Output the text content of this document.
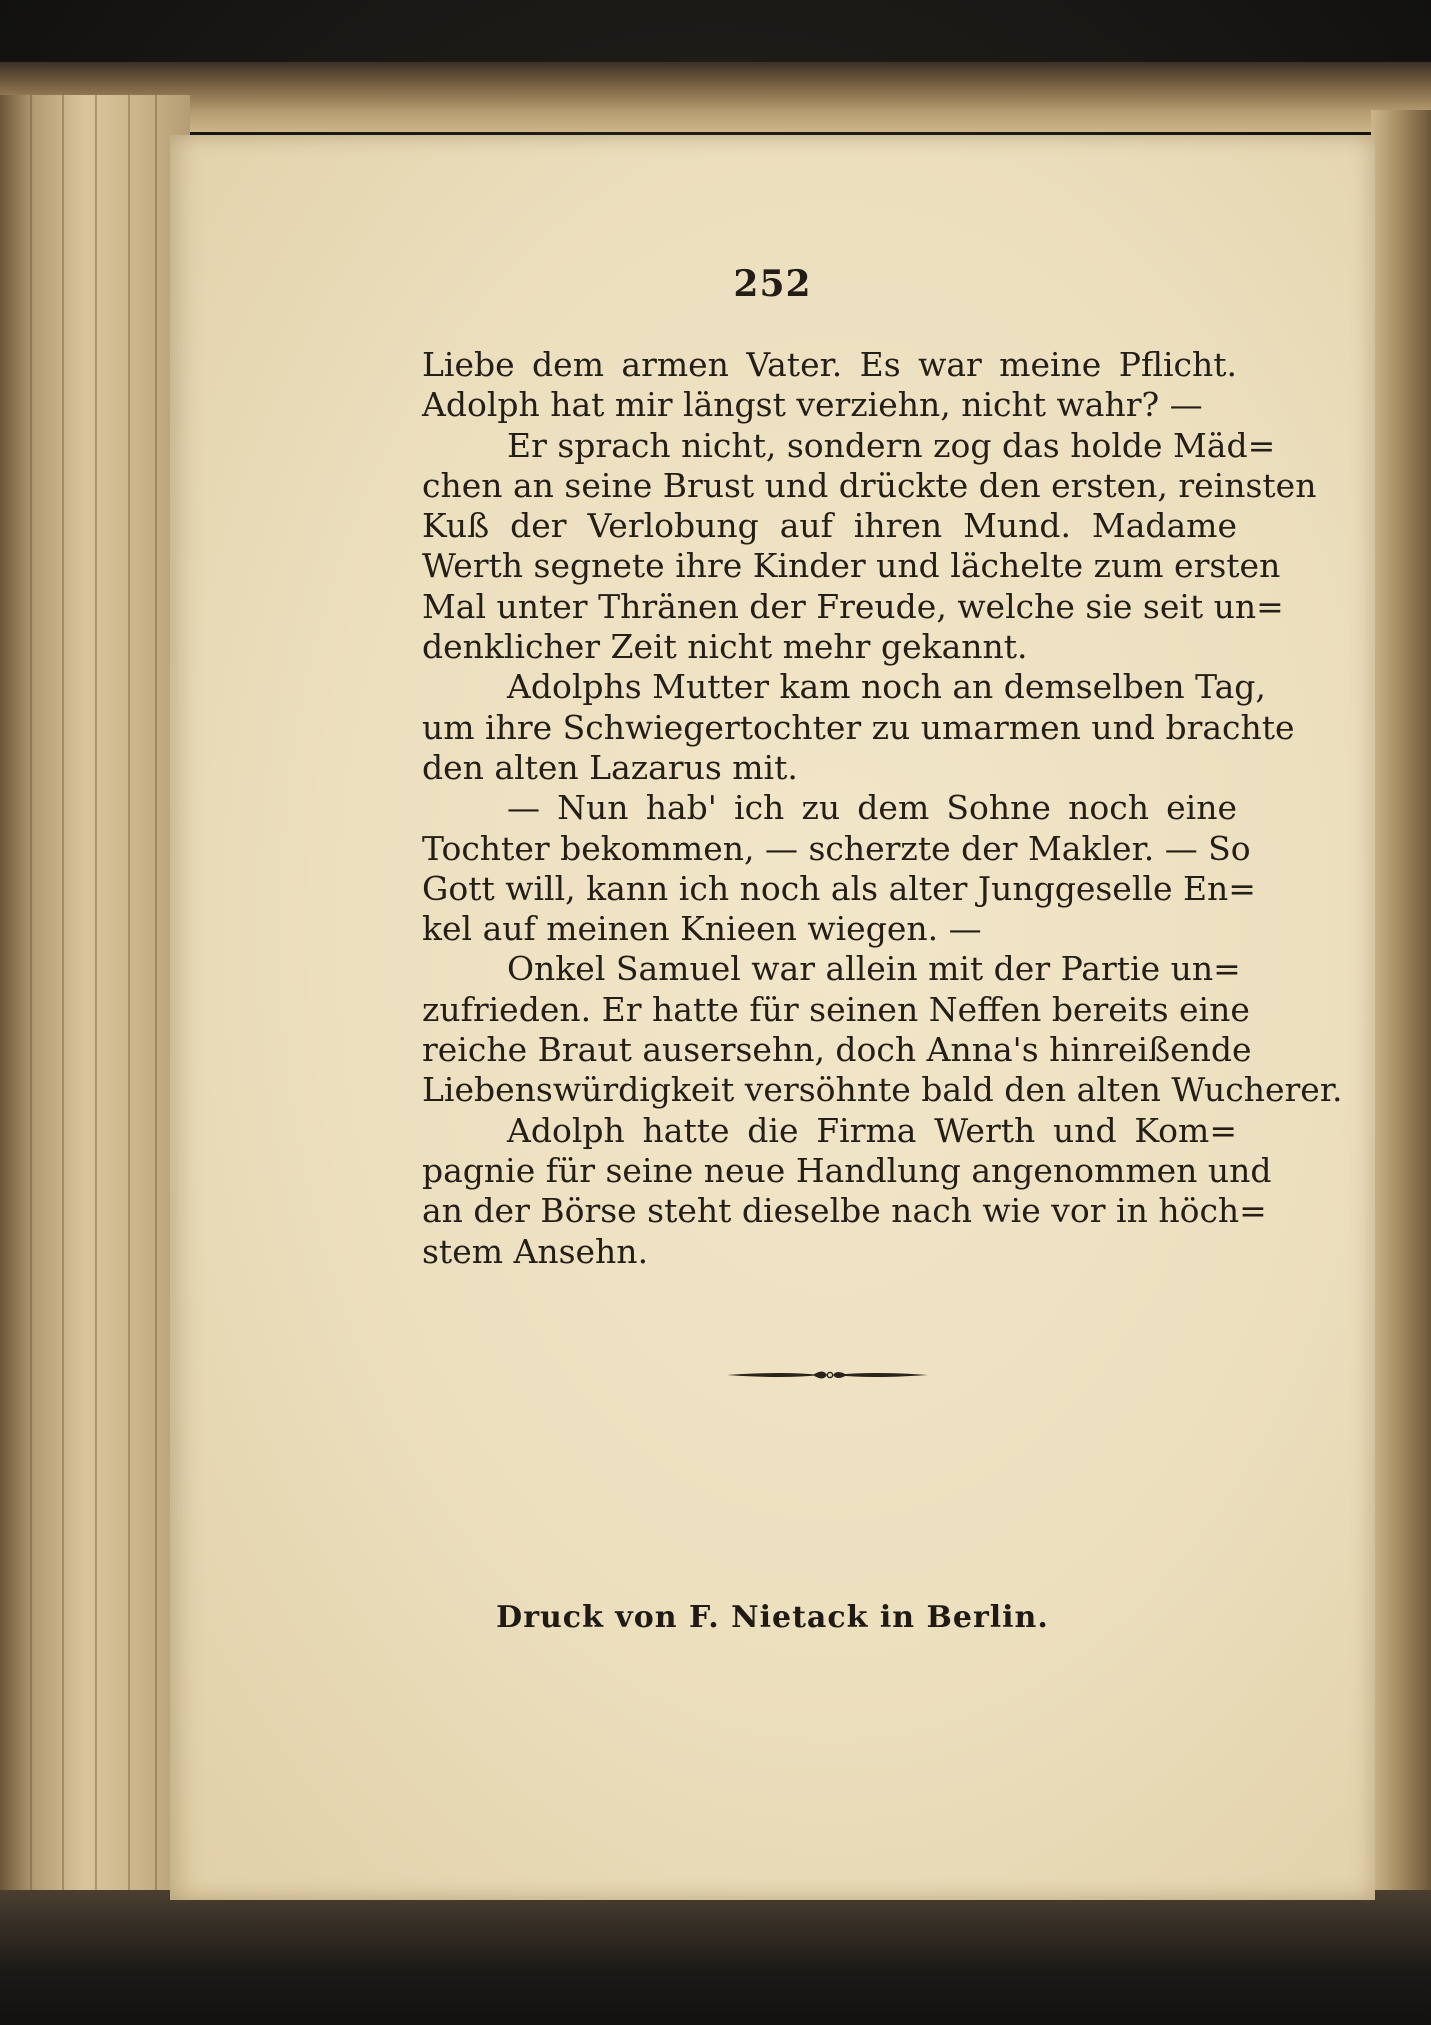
252
Liebe dem armen Vater. Es war meine Pflicht.
Adolph hat mir längst verziehn, nicht wahr? —
Er sprach nicht, sondern zog das holde Mäd=
chen an seine Brust und drückte den ersten, reinsten
Kuß der Verlobung auf ihren Mund. Madame
Werth segnete ihre Kinder und lächelte zum ersten
Mal unter Thränen der Freude, welche sie seit un=
denklicher Zeit nicht mehr gekannt.
Adolphs Mutter kam noch an demselben Tag,
um ihre Schwiegertochter zu umarmen und brachte
den alten Lazarus mit.
— Nun hab' ich zu dem Sohne noch eine
Tochter bekommen, — scherzte der Makler. — So
Gott will, kann ich noch als alter Junggeselle En=
kel auf meinen Knieen wiegen. —
Onkel Samuel war allein mit der Partie un=
zufrieden. Er hatte für seinen Neffen bereits eine
reiche Braut ausersehn, doch Anna's hinreißende
Liebenswürdigkeit versöhnte bald den alten Wucherer.
Adolph hatte die Firma Werth und Kom=
pagnie für seine neue Handlung angenommen und
an der Börse steht dieselbe nach wie vor in höch=
stem Ansehn.
Druck von F. Nietack in Berlin.
